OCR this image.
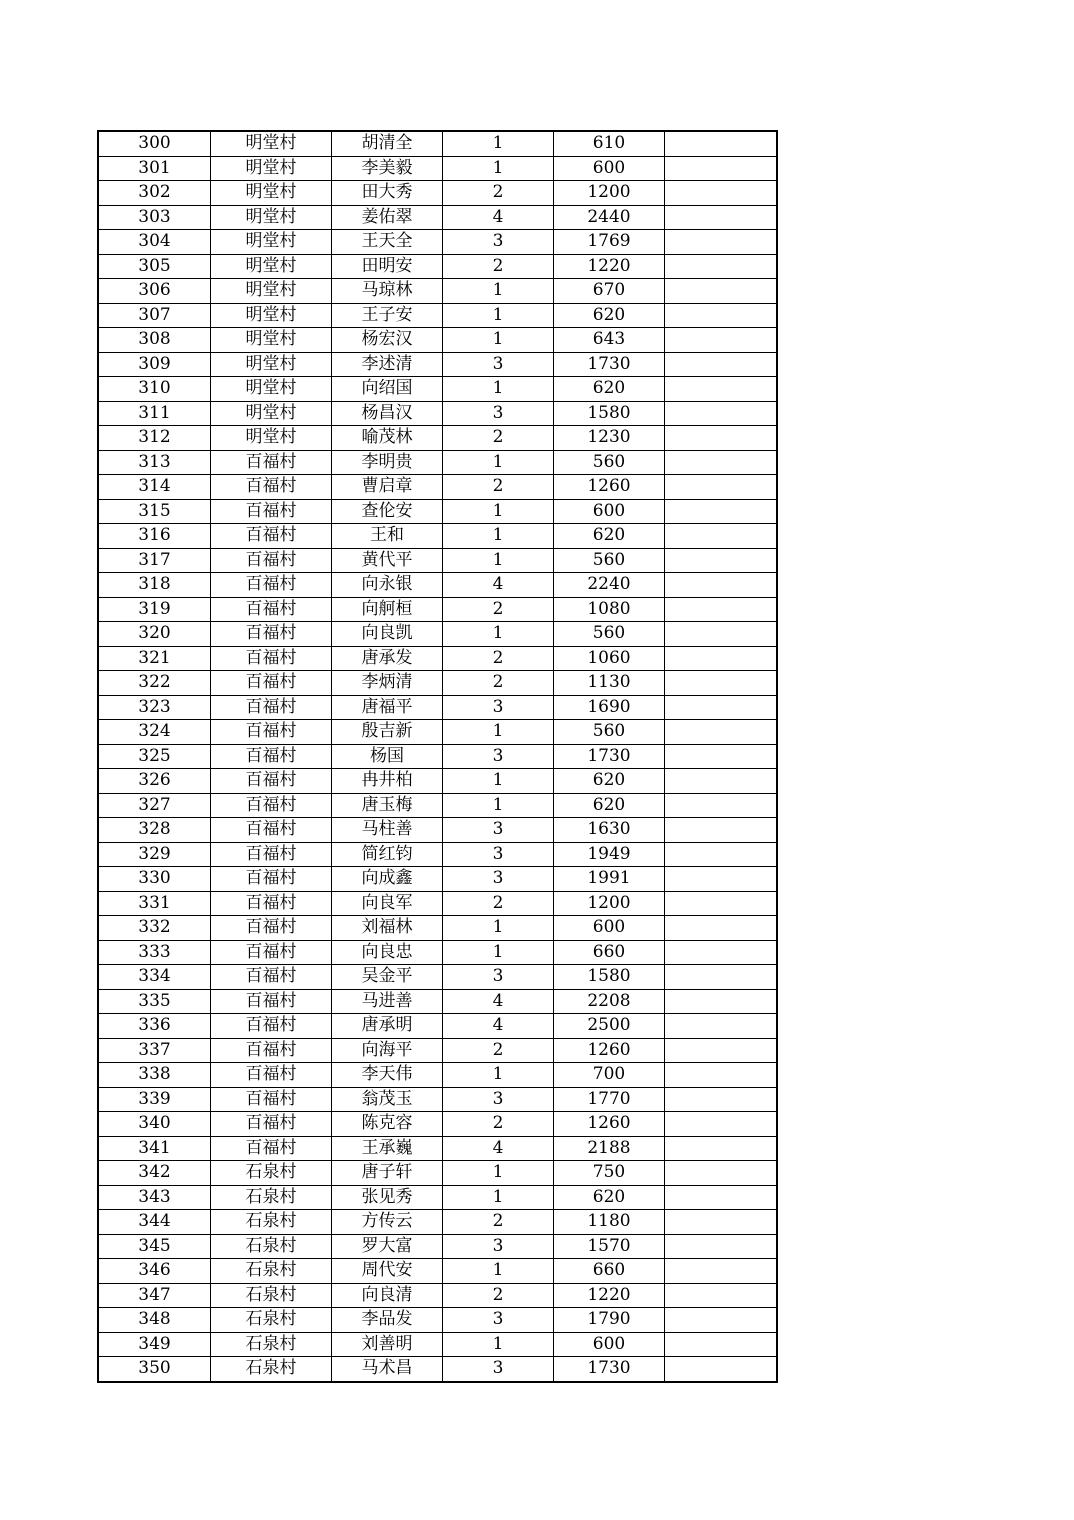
300	明堂村	胡清全	1	610	
301	明堂村	李美毅	1	600	
302	明堂村	田大秀	2	1200	
303	明堂村	姜佑翠	4	2440	
304	明堂村	王天全	3	1769	
305	明堂村	田明安	2	1220	
306	明堂村	马琼林	1	670	
307	明堂村	王子安	1	620	
308	明堂村	杨宏汉	1	643	
309	明堂村	李述清	3	1730	
310	明堂村	向绍国	1	620	
311	明堂村	杨昌汉	3	1580	
312	明堂村	喻茂林	2	1230	
313	百福村	李明贵	1	560	
314	百福村	曹启章	2	1260	
315	百福村	查伦安	1	600	
316	百福村	王和	1	620	
317	百福村	黄代平	1	560	
318	百福村	向永银	4	2240	
319	百福村	向舸桓	2	1080	
320	百福村	向良凯	1	560	
321	百福村	唐承发	2	1060	
322	百福村	李炳清	2	1130	
323	百福村	唐福平	3	1690	
324	百福村	殷吉新	1	560	
325	百福村	杨国	3	1730	
326	百福村	冉井柏	1	620	
327	百福村	唐玉梅	1	620	
328	百福村	马柱善	3	1630	
329	百福村	简红钧	3	1949	
330	百福村	向成鑫	3	1991	
331	百福村	向良军	2	1200	
332	百福村	刘福林	1	600	
333	百福村	向良忠	1	660	
334	百福村	吴金平	3	1580	
335	百福村	马进善	4	2208	
336	百福村	唐承明	4	2500	
337	百福村	向海平	2	1260	
338	百福村	李天伟	1	700	
339	百福村	翁茂玉	3	1770	
340	百福村	陈克容	2	1260	
341	百福村	王承巍	4	2188	
342	石泉村	唐子轩	1	750	
343	石泉村	张见秀	1	620	
344	石泉村	方传云	2	1180	
345	石泉村	罗大富	3	1570	
346	石泉村	周代安	1	660	
347	石泉村	向良清	2	1220	
348	石泉村	李品发	3	1790	
349	石泉村	刘善明	1	600	
350	石泉村	马术昌	3	1730	
